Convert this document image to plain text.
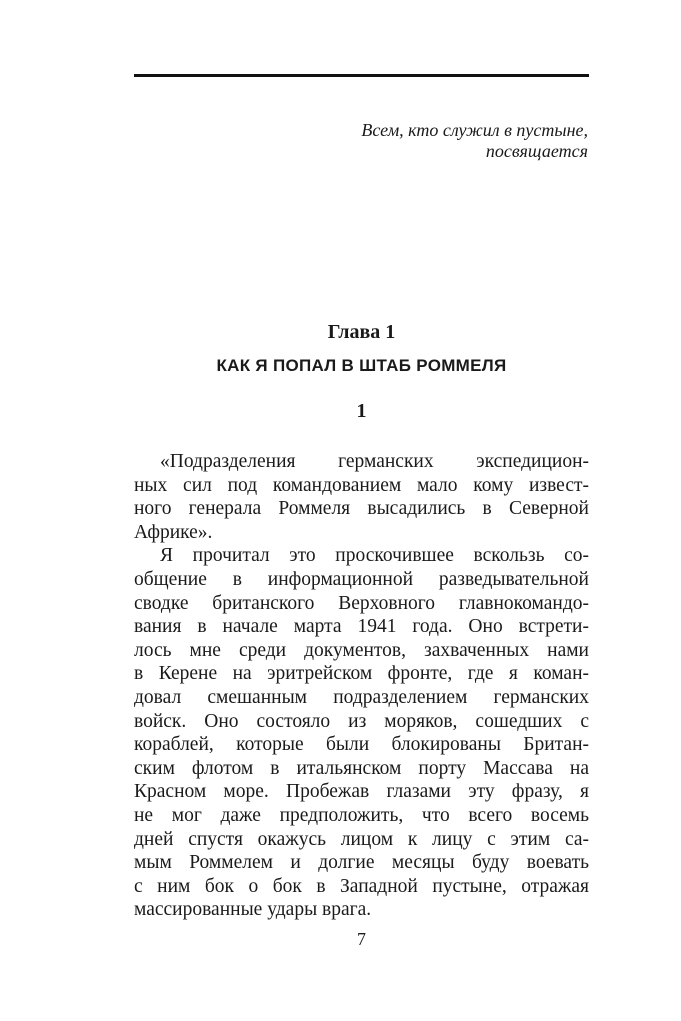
Всем, кто служил в пустыне,
посвящается
Глава 1
КАК Я ПОПАЛ В ШТАБ РОММЕЛЯ
1
«Подразделения германских экспедицион-
ных сил под командованием мало кому извест-
ного генерала Роммеля высадились в Северной
Африке».
Я прочитал это проскочившее вскользь со-
общение в информационной разведывательной
сводке британского Верховного главнокомандо-
вания в начале марта 1941 года. Оно встрети-
лось мне среди документов, захваченных нами
в Керене на эритрейском фронте, где я коман-
довал смешанным подразделением германских
войск. Оно состояло из моряков, сошедших с
кораблей, которые были блокированы Британ-
ским флотом в итальянском порту Массава на
Красном море. Пробежав глазами эту фразу, я
не мог даже предположить, что всего восемь
дней спустя окажусь лицом к лицу с этим са-
мым Роммелем и долгие месяцы буду воевать
с ним бок о бок в Западной пустыне, отражая
массированные удары врага.
7
